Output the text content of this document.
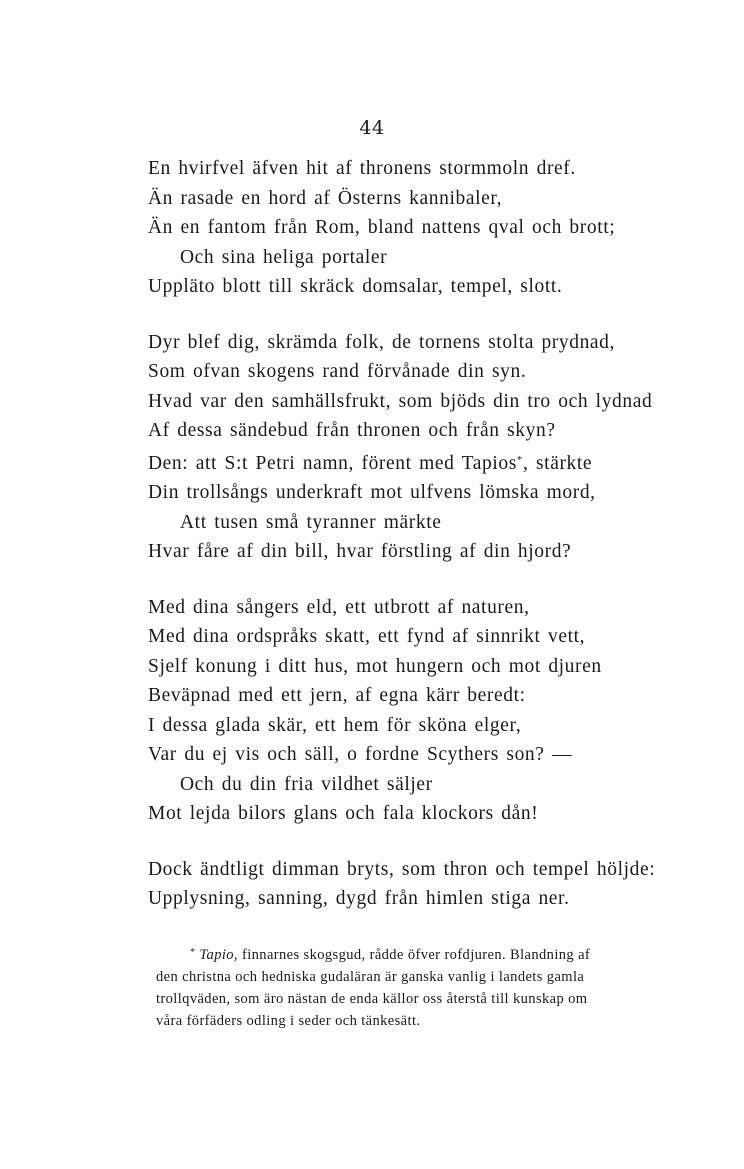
44
En hvirfvel äfven hit af thronens stormmoln dref.
Än rasade en hord af Österns kannibaler,
Än en fantom från Rom, bland nattens qval och brott;
Och sina heliga portaler
Uppläto blott till skräck domsalar, tempel, slott.
Dyr blef dig, skrämda folk, de tornens stolta prydnad,
Som ofvan skogens rand förvånade din syn.
Hvad var den samhällsfrukt, som bjöds din tro och lydnad
Af dessa sändebud från thronen och från skyn?
Den: att S:t Petri namn, förent med Tapios*, stärkte
Din trollsångs underkraft mot ulfvens lömska mord,
Att tusen små tyranner märkte
Hvar fåre af din bill, hvar förstling af din hjord?
Med dina sångers eld, ett utbrott af naturen,
Med dina ordspråks skatt, ett fynd af sinnrikt vett,
Sjelf konung i ditt hus, mot hungern och mot djuren
Beväpnad med ett jern, af egna kärr beredt:
I dessa glada skär, ett hem för sköna elger,
Var du ej vis och säll, o fordne Scythers son? —
Och du din fria vildhet säljer
Mot lejda bilors glans och fala klockors dån!
Dock ändtligt dimman bryts, som thron och tempel höljde:
Upplysning, sanning, dygd från himlen stiga ner.
* Tapio, finnarnes skogsgud, rådde öfver rofdjuren. Blandning af
den christna och hedniska gudaläran är ganska vanlig i landets gamla
trollqväden, som äro nästan de enda källor oss återstå till kunskap om
våra förfäders odling i seder och tänkesätt.
